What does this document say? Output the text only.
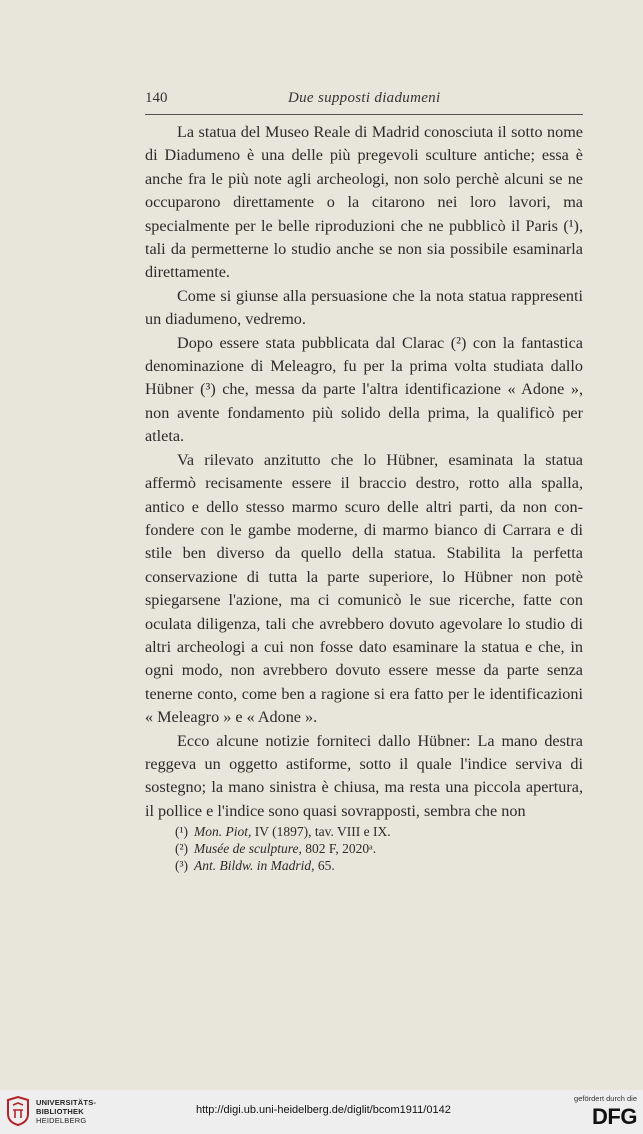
140	Due supposti diadumeni

La statua del Museo Reale di Madrid conosciuta il sotto nome di Diadumeno è una delle più pregevoli sculture antiche; essa è anche fra le più note agli archeologi, non solo perchè alcuni se ne occuparono direttamente o la citarono nei loro lavori, ma specialmente per le belle riproduzioni che ne pubblicò il Paris (¹), tali da permetterne lo studio anche se non sia possibile esaminarla direttamente.

Come si giunse alla persuasione che la nota statua rappresenti un diadumeno, vedremo.

Dopo essere stata pubblicata dal Clarac (²) con la fantastica denominazione di Meleagro, fu per la prima volta studiata dallo Hübner (³) che, messa da parte l'altra identificazione « Adone », non avente fondamento più solido della prima, la qualificò per atleta.

Va rilevato anzitutto che lo Hübner, esaminata la statua affermò recisamente essere il braccio destro, rotto alla spalla, antico e dello stesso marmo scuro delle altri parti, da non confondere con le gambe moderne, di marmo bianco di Carrara e di stile ben diverso da quello della statua. Stabilita la perfetta conservazione di tutta la parte superiore, lo Hübner non potè spiegarsene l'azione, ma ci comunicò le sue ricerche, fatte con oculata diligenza, tali che avrebbero dovuto agevolare lo studio di altri archeologi a cui non fosse dato esaminare la statua e che, in ogni modo, non avrebbero dovuto essere messe da parte senza tenerne conto, come ben a ragione si era fatto per le identificazioni « Meleagro » e « Adone ».

Ecco alcune notizie forniteci dallo Hübner: La mano destra reggeva un oggetto astiforme, sotto il quale l'indice serviva di sostegno; la mano sinistra è chiusa, ma resta una piccola apertura, il pollice e l'indice sono quasi sovrapposti, sembra che non

(¹) Mon. Piot, IV (1897), tav. VIII e IX.
(²) Musée de sculpture, 802 F, 2020ᵃ.
(³) Ant. Bildw. in Madrid, 65.
UNIVERSITÄTS-
BIBLIOTHEK
HEIDELBERG
http://digi.ub.uni-heidelberg.de/diglit/bcom1911/0142
gefördert durch die
DFG
